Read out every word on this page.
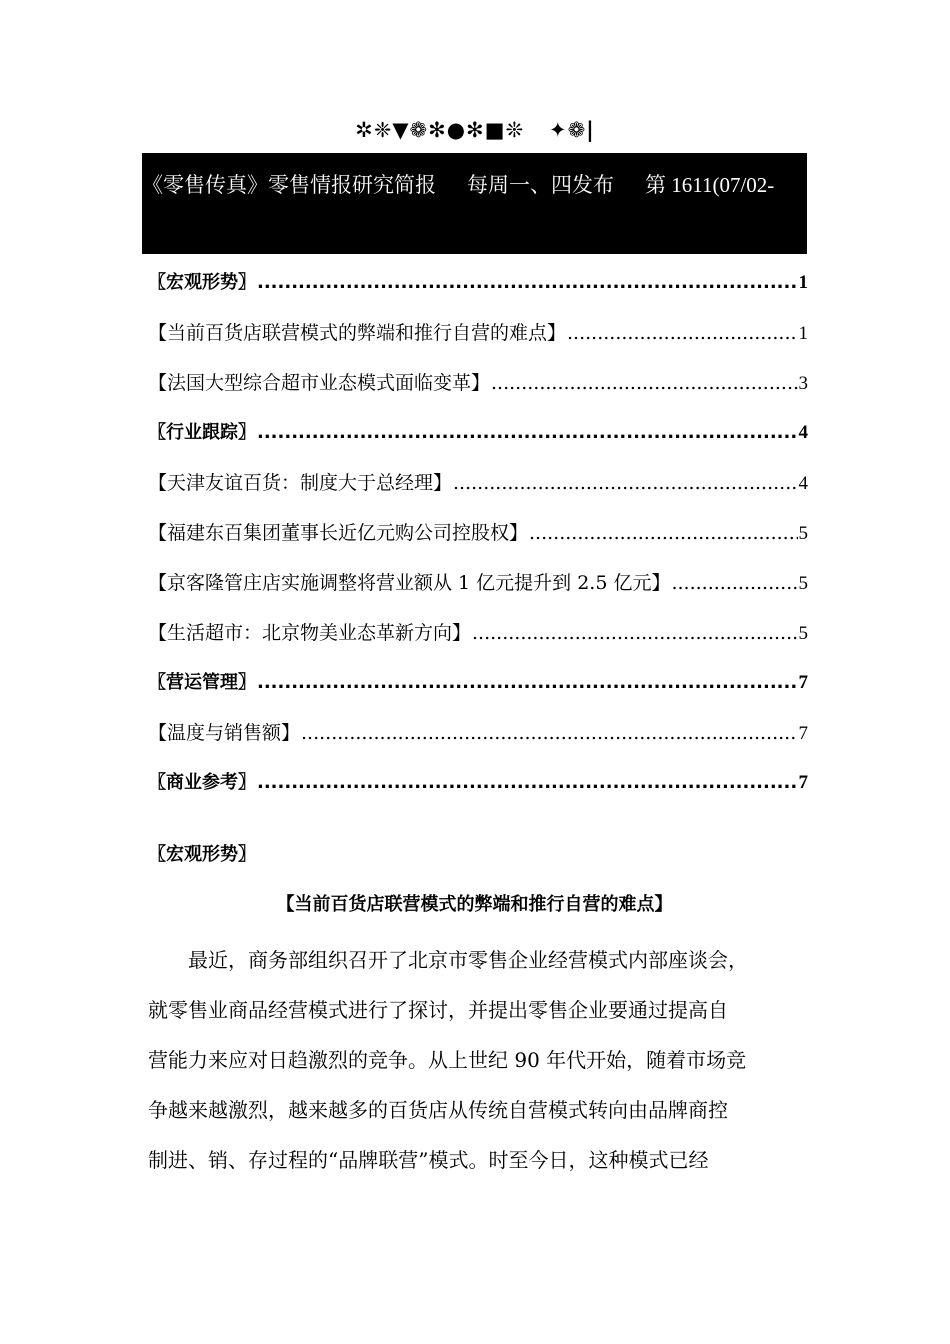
✲❈▼❁✻●✻■❊   ✦❁|
《零售传真》零售情报研究简报 每周一、四发布 第 1611(07/02-
〖宏观形势〗 .....	1
【当前百货店联营模式的弊端和推行自营的难点】 .....	1
【法国大型综合超市业态模式面临变革】 .....	3
〖行业跟踪〗 .....	4
【天津友谊百货：制度大于总经理】 .....	4
【福建东百集团董事长近亿元购公司控股权】 .....	5
【京客隆管庄店实施调整将营业额从 1 亿元提升到 2.5 亿元】 .....	5
【生活超市：北京物美业态革新方向】 .....	5
〖营运管理〗 .....	7
【温度与销售额】 .....	7
〖商业参考〗 .....	7
〖宏观形势〗
【当前百货店联营模式的弊端和推行自营的难点】
　　最近，商务部组织召开了北京市零售企业经营模式内部座谈会，
就零售业商品经营模式进行了探讨，并提出零售企业要通过提高自
营能力来应对日趋激烈的竞争。从上世纪 90 年代开始，随着市场竞
争越来越激烈，越来越多的百货店从传统自营模式转向由品牌商控
制进、销、存过程的“品牌联营”模式。时至今日，这种模式已经
